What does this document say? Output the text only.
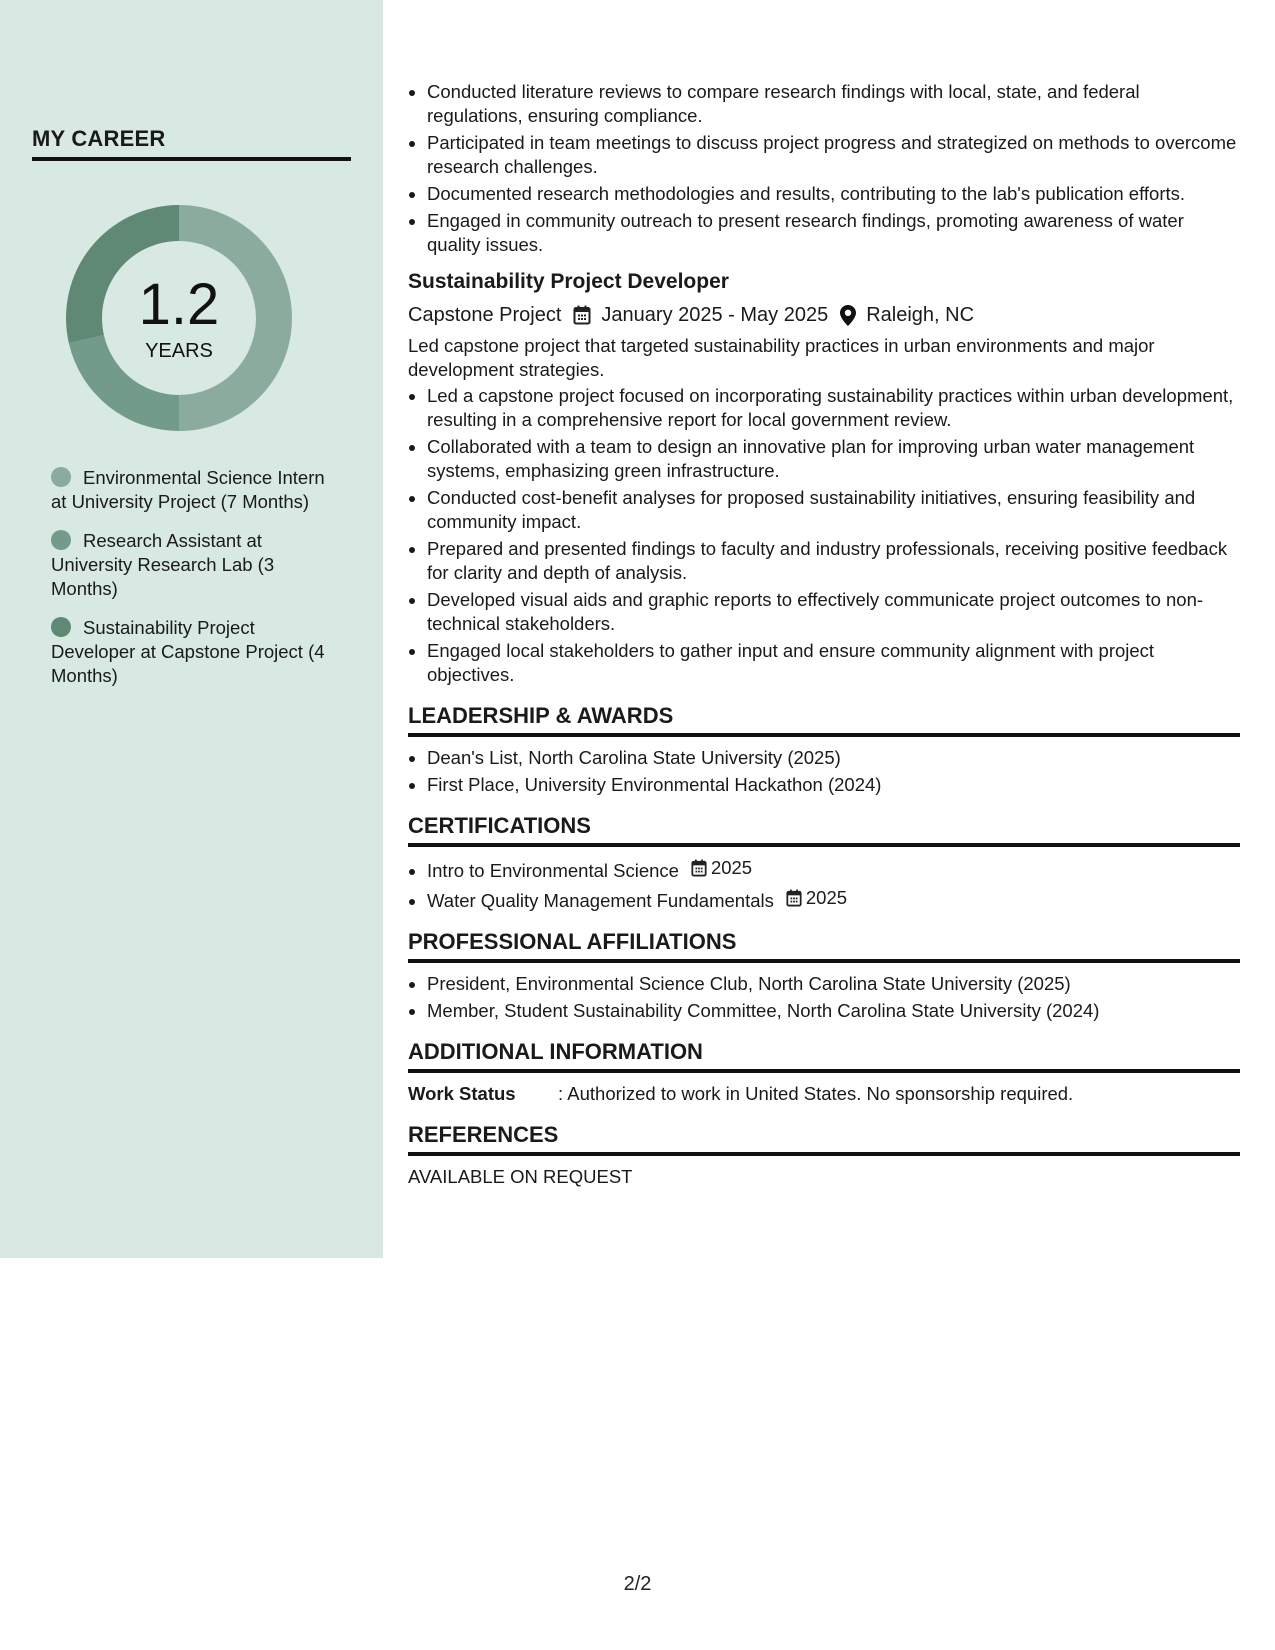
MY CAREER
1.2
YEARS
Environmental Science Intern at University Project (7 Months)
Research Assistant at University Research Lab (3 Months)
Sustainability Project Developer at Capstone Project (4 Months)
• Conducted literature reviews to compare research findings with local, state, and federal regulations, ensuring compliance.
• Participated in team meetings to discuss project progress and strategized on methods to overcome research challenges.
• Documented research methodologies and results, contributing to the lab's publication efforts.
• Engaged in community outreach to present research findings, promoting awareness of water quality issues.
Sustainability Project Developer
Capstone Project January 2025 - May 2025 Raleigh, NC
Led capstone project that targeted sustainability practices in urban environments and major development strategies.
• Led a capstone project focused on incorporating sustainability practices within urban development, resulting in a comprehensive report for local government review.
• Collaborated with a team to design an innovative plan for improving urban water management systems, emphasizing green infrastructure.
• Conducted cost-benefit analyses for proposed sustainability initiatives, ensuring feasibility and community impact.
• Prepared and presented findings to faculty and industry professionals, receiving positive feedback for clarity and depth of analysis.
• Developed visual aids and graphic reports to effectively communicate project outcomes to non-technical stakeholders.
• Engaged local stakeholders to gather input and ensure community alignment with project objectives.
LEADERSHIP & AWARDS
• Dean's List, North Carolina State University (2025)
• First Place, University Environmental Hackathon (2024)
CERTIFICATIONS
• Intro to Environmental Science 2025
• Water Quality Management Fundamentals 2025
PROFESSIONAL AFFILIATIONS
• President, Environmental Science Club, North Carolina State University (2025)
• Member, Student Sustainability Committee, North Carolina State University (2024)
ADDITIONAL INFORMATION
Work Status	: Authorized to work in United States. No sponsorship required.
REFERENCES
AVAILABLE ON REQUEST
2/2
